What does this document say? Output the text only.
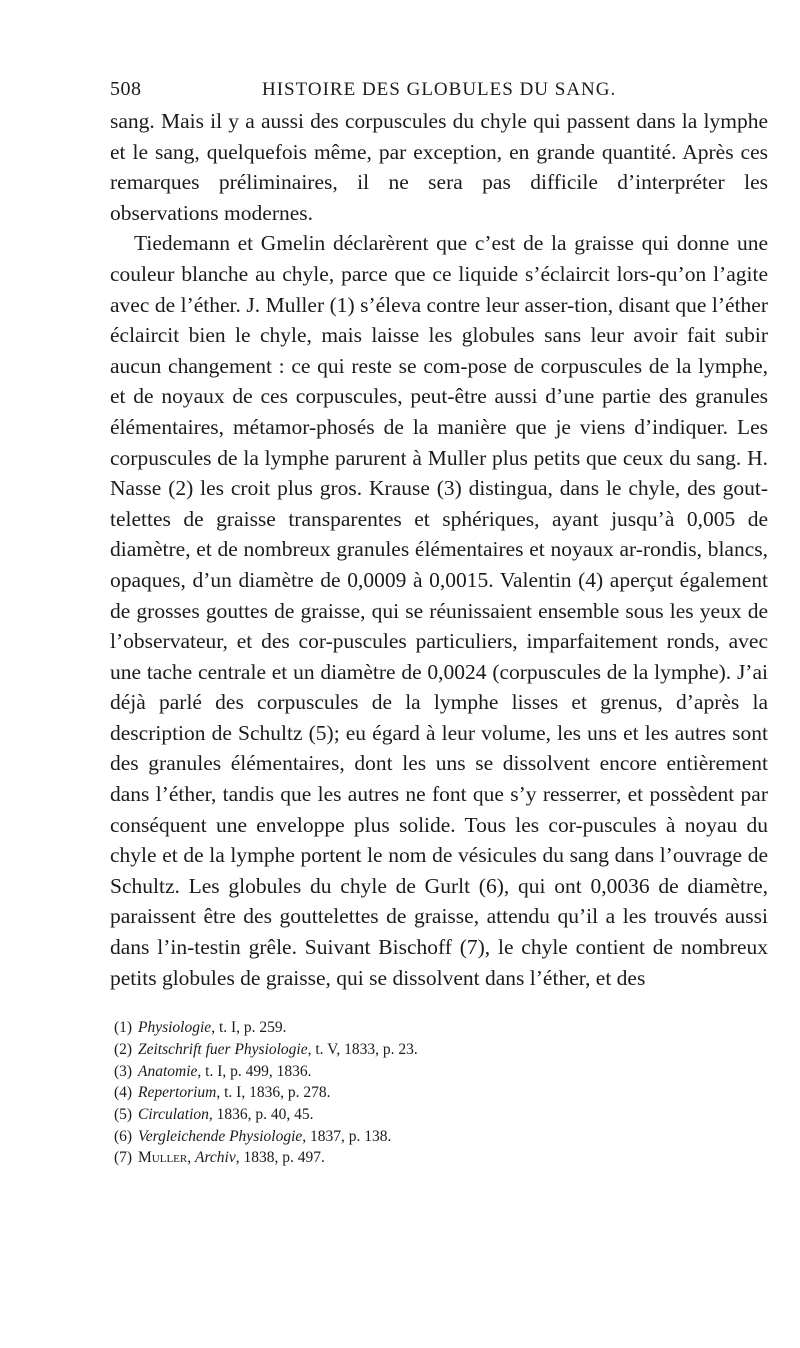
508	HISTOIRE DES GLOBULES DU SANG.

sang. Mais il y a aussi des corpuscules du chyle qui passent dans la lymphe et le sang, quelquefois même, par exception, en grande quantité. Après ces remarques préliminaires, il ne sera pas difficile d’interpréter les observations modernes.

Tiedemann et Gmelin déclarèrent que c’est de la graisse qui donne une couleur blanche au chyle, parce que ce liquide s’éclaircit lors-qu’on l’agite avec de l’éther. J. Muller (1) s’éleva contre leur asser-tion, disant que l’éther éclaircit bien le chyle, mais laisse les globules sans leur avoir fait subir aucun changement : ce qui reste se com-pose de corpuscules de la lymphe, et de noyaux de ces corpuscules, peut-être aussi d’une partie des granules élémentaires, métamor-phosés de la manière que je viens d’indiquer. Les corpuscules de la lymphe parurent à Muller plus petits que ceux du sang. H. Nasse (2) les croit plus gros. Krause (3) distingua, dans le chyle, des gout-telettes de graisse transparentes et sphériques, ayant jusqu’à 0,005 de diamètre, et de nombreux granules élémentaires et noyaux ar-rondis, blancs, opaques, d’un diamètre de 0,0009 à 0,0015. Valentin (4) aperçut également de grosses gouttes de graisse, qui se réunissaient ensemble sous les yeux de l’observateur, et des cor-puscules particuliers, imparfaitement ronds, avec une tache centrale et un diamètre de 0,0024 (corpuscules de la lymphe). J’ai déjà parlé des corpuscules de la lymphe lisses et grenus, d’après la description de Schultz (5); eu égard à leur volume, les uns et les autres sont des granules élémentaires, dont les uns se dissolvent encore entièrement dans l’éther, tandis que les autres ne font que s’y resserrer, et possèdent par conséquent une enveloppe plus solide. Tous les cor-puscules à noyau du chyle et de la lymphe portent le nom de vésicules du sang dans l’ouvrage de Schultz. Les globules du chyle de Gurlt (6), qui ont 0,0036 de diamètre, paraissent être des gouttelettes de graisse, attendu qu’il a les trouvés aussi dans l’in-testin grêle. Suivant Bischoff (7), le chyle contient de nombreux petits globules de graisse, qui se dissolvent dans l’éther, et des

(1) Physiologie, t. I, p. 259.
(2) Zeitschrift fuer Physiologie, t. V, 1833, p. 23.
(3) Anatomie, t. I, p. 499, 1836.
(4) Repertorium, t. I, 1836, p. 278.
(5) Circulation, 1836, p. 40, 45.
(6) Vergleichende Physiologie, 1837, p. 138.
(7) Muller, Archiv, 1838, p. 497.
